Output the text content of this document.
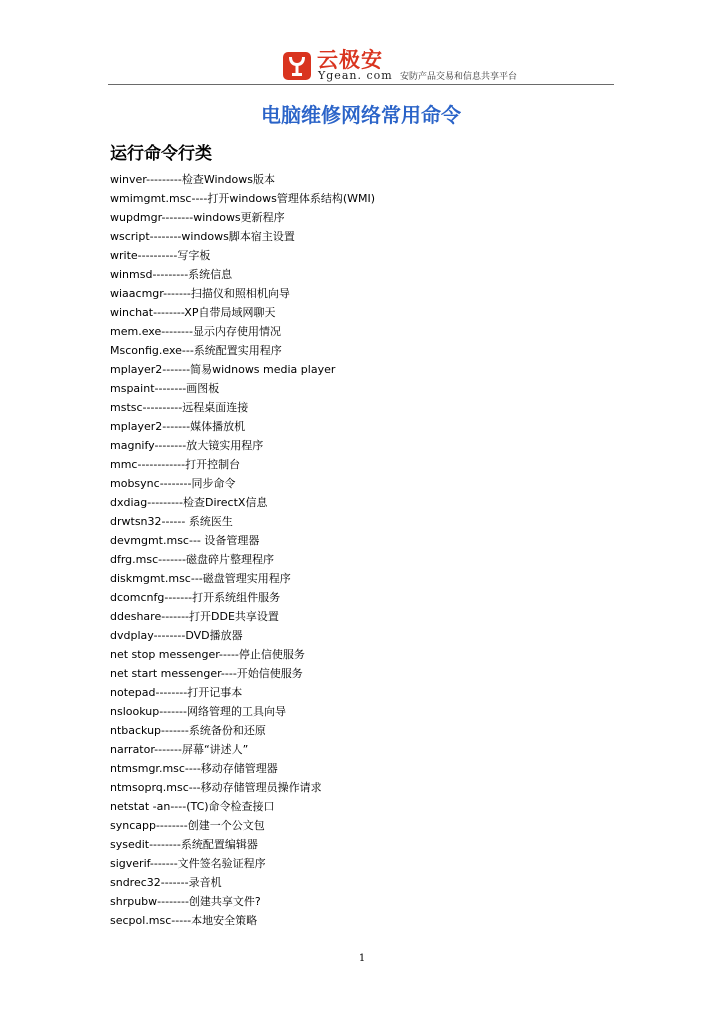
云极安
Ygean. com 安防产品交易和信息共享平台
电脑维修网络常用命令
运行命令行类
winver---------检查Windows版本
wmimgmt.msc----打开windows管理体系结构(WMI)
wupdmgr--------windows更新程序
wscript--------windows脚本宿主设置
write----------写字板
winmsd---------系统信息
wiaacmgr-------扫描仪和照相机向导
winchat--------XP自带局域网聊天
mem.exe--------显示内存使用情况
Msconfig.exe---系统配置实用程序
mplayer2-------简易widnows media player
mspaint--------画图板
mstsc----------远程桌面连接
mplayer2-------媒体播放机
magnify--------放大镜实用程序
mmc------------打开控制台
mobsync--------同步命令
dxdiag---------检查DirectX信息
drwtsn32------ 系统医生
devmgmt.msc--- 设备管理器
dfrg.msc-------磁盘碎片整理程序
diskmgmt.msc---磁盘管理实用程序
dcomcnfg-------打开系统组件服务
ddeshare-------打开DDE共享设置
dvdplay--------DVD播放器
net stop messenger-----停止信使服务
net start messenger----开始信使服务
notepad--------打开记事本
nslookup-------网络管理的工具向导
ntbackup-------系统备份和还原
narrator-------屏幕“讲述人”
ntmsmgr.msc----移动存储管理器
ntmsoprq.msc---移动存储管理员操作请求
netstat -an----(TC)命令检查接口
syncapp--------创建一个公文包
sysedit--------系统配置编辑器
sigverif-------文件签名验证程序
sndrec32-------录音机
shrpubw--------创建共享文件?
secpol.msc-----本地安全策略
1
